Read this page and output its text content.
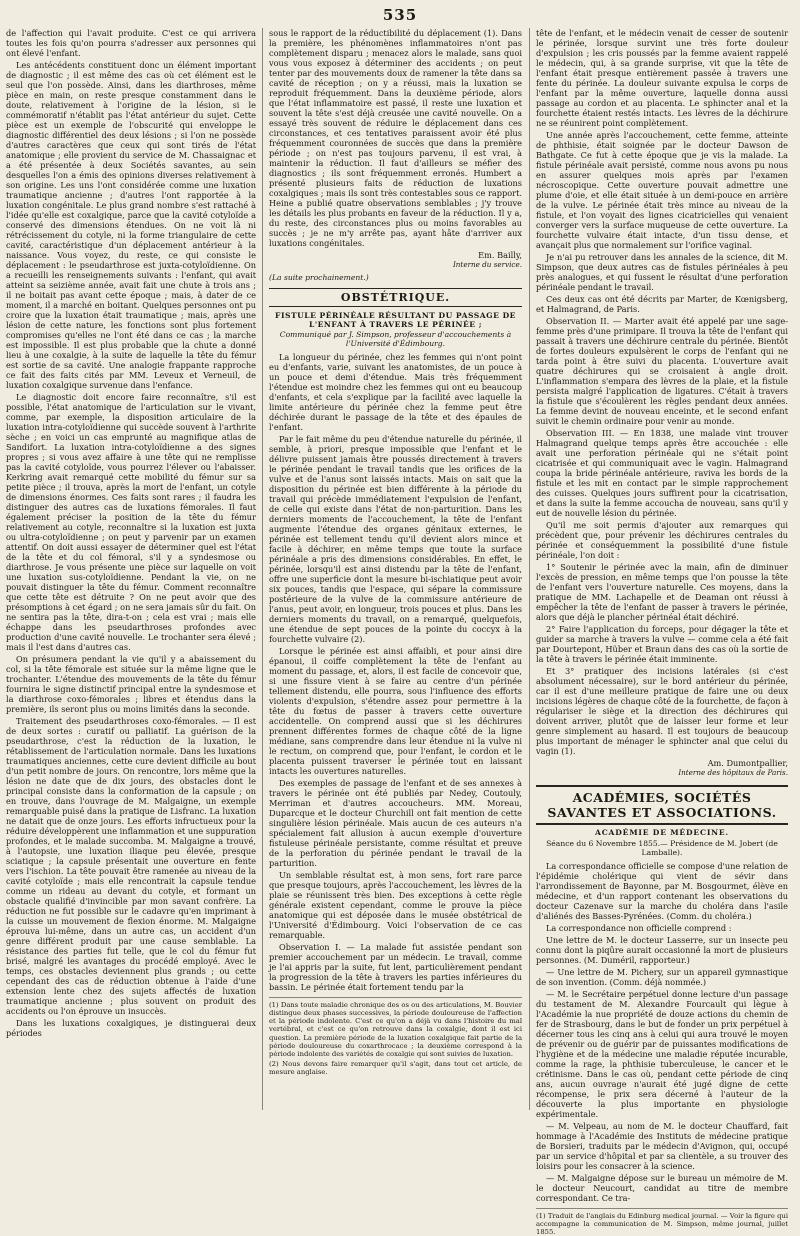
535

de l'affection qui l'avait produite. C'est ce qui arrivera toutes les fois qu'on pourra s'adresser aux personnes qui ont élevé l'enfant.

Les antécédents constituent donc un élément important de diagnostic ; il est même des cas où cet élément est le seul que l'on possède. Ainsi, dans les diarthroses, même pièce en main, on reste presque constamment dans le doute, relativement à l'origine de la lésion, si le commémoratif n'établit pas l'état antérieur du sujet. Cette pièce est un exemple de l'obscurité qui enveloppe le diagnostic différentiel des deux lésions ; si l'on ne possède d'autres caractères que ceux qui sont tirés de l'état anatomique ; elle provient du service de M. Chassaignac et a été présentée à deux Sociétés savantes, au sein desquelles l'on a émis des opinions diverses relativement à son origine. Les uns l'ont considérée comme une luxation traumatique ancienne ; d'autres l'ont rapportée à la luxation congénitale. Le plus grand nombre s'est rattaché à l'idée qu'elle est coxalgique, parce que la cavité cotyloïde a conservé des dimensions étendues. On ne voit là ni rétrécissement du cotyle, ni la forme triangulaire de cette cavité, caractéristique d'un déplacement antérieur à la naissance. Vous voyez, du reste, ce qui consiste le déplacement : le pseudarthrose est juxta-cotyloïdienne. On a recueilli les renseignements suivants : l'enfant, qui avait atteint sa seizième année, avait fait une chute à trois ans ; il ne boitait pas avant cette époque ; mais, à dater de ce moment, il a marché en boitant. Quelques personnes ont pu croire que la luxation était traumatique ; mais, après une lésion de cette nature, les fonctions sont plus fortement compromises qu'elles ne l'ont été dans ce cas ; la marche est impossible. Il est plus probable que la chute a donné lieu à une coxalgie, à la suite de laquelle la tête du fémur est sortie de sa cavité. Une analogie frappante rapproche ce fait des faits cités par MM. Leveux et Verneuil, de luxation coxalgique survenue dans l'enfance.

Le diagnostic doit encore faire reconnaître, s'il est possible, l'état anatomique de l'articulation sur le vivant, comme, par exemple, la disposition articulaire de la luxation intra-cotyloïdienne qui succède souvent à l'arthrite sèche ; en voici un cas emprunté au magnifique atlas de Sandifort. La luxation intra-cotyloïdienne a des signes propres ; si vous avez affaire à une tête qui ne remplisse pas la cavité cotyloïde, vous pourrez l'élever ou l'abaisser. Kerkring avait remarqué cette mobilité du fémur sur sa petite pièce ; il trouva, après la mort de l'enfant, un cotyle de dimensions énormes. Ces faits sont rares ; il faudra les distinguer des autres cas de luxations fémorales. Il faut également préciser la position de la tête du fémur relativement au cotyle, reconnaître si la luxation est juxta ou ultra-cotyloïdienne ; on peut y parvenir par un examen attentif. On doit aussi essayer de déterminer quel est l'état de la tête et du col fémoral, s'il y a syndesmose ou diarthrose. Je vous présente une pièce sur laquelle on voit une luxation sus-cotyloïdienne. Pendant la vie, on ne pouvait distinguer la tête du fémur. Comment reconnaître que cette tête est détruite ? On ne peut avoir que des présomptions à cet égard ; on ne sera jamais sûr du fait. On ne sentira pas la tête, dira-t-on ; cela est vrai ; mais elle échappe dans les pseudarthroses profondes avec production d'une cavité nouvelle. Le trochanter sera élevé ; mais il l'est dans d'autres cas.

On présumera pendant la vie qu'il y a abaissement du col, si la tête fémorale est située sur la même ligne que le trochanter. L'étendue des mouvements de la tête du fémur fournira le signe distinctif principal entre la syndesmose et la diarthrose coxo-fémorales ; libres et étendus dans la première, ils seront plus ou moins limités dans la seconde.

Traitement des pseudarthroses coxo-fémorales. — Il est de deux sortes : curatif ou palliatif. La guérison de la pseudarthrose, c'est la réduction de la luxation, le rétablissement de l'articulation normale. Dans les luxations traumatiques anciennes, cette cure devient difficile au bout d'un petit nombre de jours. On rencontre, lors même que la lésion ne date que de dix jours, des obstacles dont le principal consiste dans la conformation de la capsule ; on en trouve, dans l'ouvrage de M. Malgaigne, un exemple remarquable puisé dans la pratique de Lisfranc. La luxation ne datait que de onze jours. Les efforts infructueux pour la réduire développèrent une inflammation et une suppuration profondes, et le malade succomba. M. Malgaigne a trouvé, à l'autopsie, une luxation iliaque peu élevée, presque sciatique ; la capsule présentait une ouverture en fente vers l'ischion. La tête pouvait être ramenée au niveau de la cavité cotyloïde ; mais elle rencontrait la capsule tendue comme un rideau au devant du cotyle, et formant un obstacle qualifié d'invincible par mon savant confrère. La réduction ne fut possible sur le cadavre qu'en imprimant à la cuisse un mouvement de flexion énorme. M. Malgaigne éprouva lui-même, dans un autre cas, un accident d'un genre différent produit par une cause semblable. La résistance des parties fut telle, que le col du fémur fut brisé, malgré les avantages du procédé employé. Avec le temps, ces obstacles deviennent plus grands ; ou cette cependant des cas de réduction obtenue à l'aide d'une extension lente chez des sujets affectés de luxation traumatique ancienne ; plus souvent on produit des accidents ou l'on éprouve un insuccès.

Dans les luxations coxalgiques, je distinguerai deux périodes

sous le rapport de la réductibilité du déplacement (1). Dans la première, les phénomènes inflammatoires n'ont pas complètement disparu ; menacez alors le malade, sans quoi vous vous exposez à déterminer des accidents ; on peut tenter par des mouvements doux de ramener la tête dans sa cavité de réception ; on y a réussi, mais la luxation se reproduit fréquemment. Dans la deuxième période, alors que l'état inflammatoire est passé, il reste une luxation et souvent la tête s'est déjà creusée une cavité nouvelle. On a essayé très souvent de réduire le déplacement dans ces circonstances, et ces tentatives paraissent avoir été plus fréquemment couronnées de succès que dans la première période ; on n'est pas toujours parvenu, il est vrai, à maintenir la réduction. Il faut d'ailleurs se méfier des diagnostics ; ils sont fréquemment erronés. Humbert a présenté plusieurs faits de réduction de luxations coxalgiques ; mais ils sont très contestables sous ce rapport. Heine a publié quatre observations semblables ; j'y trouve les détails les plus probants en faveur de la réduction. Il y a, du reste, des circonstances plus ou moins favorables au succès ; je ne m'y arrête pas, ayant hâte d'arriver aux luxations congénitales.

Em. Bailly,
Interne du service.
(La suite prochainement.)
OBSTÉTRIQUE.
FISTULE PÉRINÉALE RÉSULTANT DU PASSAGE DE L'ENFANT À TRAVERS LE PÉRINÉE ;
Communiqué par J. Simpson, professeur d'accouchements à l'Université d'Édimbourg.

La longueur du périnée, chez les femmes qui n'ont point eu d'enfants, varie, suivant les anatomistes, de un pouce à un pouce et demi d'étendue. Mais très fréquemment l'étendue est moindre chez les femmes qui ont eu beaucoup d'enfants, et cela s'explique par la facilité avec laquelle la limite antérieure du périnée chez la femme peut être déchirée durant le passage de la tête et des épaules de l'enfant.

Par le fait même du peu d'étendue naturelle du périnée, il semble, à priori, presque impossible que l'enfant et le délivre puissent jamais être poussés directement à travers le périnée pendant le travail tandis que les orifices de la vulve et de l'anus sont laissés intacts. Mais on sait que la disposition du périnée est bien différente à la période du travail qui précède immédiatement l'expulsion de l'enfant, de celle qui existe dans l'état de non-parturition. Dans les derniers moments de l'accouchement, la tête de l'enfant augmente l'étendue des organes génitaux externes, le périnée est tellement tendu qu'il devient alors mince et facile à déchirer, en même temps que toute la surface périnéale a pris des dimensions considérables. En effet, le périnée, lorsqu'il est ainsi distendu par la tête de l'enfant, offre une superficie dont la mesure bi-ischiatique peut avoir six pouces, tandis que l'espace, qui sépare la commissure postérieure de la vulve de la commissure antérieure de l'anus, peut avoir, en longueur, trois pouces et plus. Dans les derniers moments du travail, on a remarqué, quelquefois, une étendue de sept pouces de la pointe du coccyx à la fourchette vulvaire (2).

Lorsque le périnée est ainsi affaibli, et pour ainsi dire épanoui, il coiffe complètement la tête de l'enfant au moment du passage, et, alors, il est facile de concevoir que, si une fissure vient à se faire au centre d'un périnée tellement distendu, elle pourra, sous l'influence des efforts violents d'expulsion, s'étendre assez pour permettre à la tête du fœtus de passer à travers cette ouverture accidentelle. On comprend aussi que si les déchirures prennent différentes formes de chaque côté de la ligne médiane, sans comprendre dans leur étendue ni la vulve ni le rectum, on comprend que, pour l'enfant, le cordon et le placenta puissent traverser le périnée tout en laissant intacts les ouvertures naturelles.

Des exemples de passage de l'enfant et de ses annexes à travers le périnée ont été publiés par Nedey, Coutouly, Merriman et d'autres accoucheurs. MM. Moreau, Duparcque et le docteur Churchill ont fait mention de cette singulière lésion périnéale. Mais aucun de ces auteurs n'a spécialement fait allusion à aucun exemple d'ouverture fistuleuse périnéale persistante, comme résultat et preuve de la perforation du périnée pendant le travail de la parturition.

Un semblable résultat est, à mon sens, fort rare parce que presque toujours, après l'accouchement, les lèvres de la plaie se réunissent très bien. Des exceptions à cette règle générale existent cependant, comme le prouve la pièce anatomique qui est déposée dans le musée obstétrical de l'Université d'Édimbourg. Voici l'observation de ce cas remarquable.

Observation I. — La malade fut assistée pendant son premier accouchement par un médecin. Le travail, comme je l'ai appris par la suite, fut lent, particulièrement pendant la progression de la tête à travers les parties inférieures du bassin. Le périnée était fortement tendu par la

(1) Dans toute maladie chronique des os ou des articulations, M. Bouvier distingue deux phases successives, la période douloureuse de l'affection et la période indolente. C'est ce qu'on a déjà vu dans l'histoire du mal vertébral, et c'est ce qu'on retrouve dans la coxalgie, dont il est ici question. La première période de la luxation coxalgique fait partie de la période douloureuse du coxarthrocace ; la deuxième correspond à la période indolente des variétés de coxalgie qui sont suivies de luxation.

(2) Nous devons faire remarquer qu'il s'agit, dans tout cet article, de mesure anglaise.

tête de l'enfant, et le médecin venait de cesser de soutenir le périnée, lorsque survint une très forte douleur d'expulsion ; les cris poussés par la femme avaient rappelé le médecin, qui, à sa grande surprise, vit que la tête de l'enfant était presque entièrement passée à travers une fente du périnée. La douleur suivante expulsa le corps de l'enfant par la même ouverture, laquelle donna aussi passage au cordon et au placenta. Le sphincter anal et la fourchette étaient restés intacts. Les lèvres de la déchirure ne se réunirent point complètement.

Une année après l'accouchement, cette femme, atteinte de phthisie, était soignée par le docteur Dawson de Bathgate. Ce fut à cette époque que je vis la malade. La fistule périnéale avait persisté, comme nous avons pu nous en assurer quelques mois après par l'examen nécroscopique. Cette ouverture pouvait admettre une plume d'oie, et elle était située à un demi-pouce en arrière de la vulve. Le périnée était très mince au niveau de la fistule, et l'on voyait des lignes cicatricielles qui venaient converger vers la surface muqueuse de cette ouverture. La fourchette vulvaire était intacte, d'un tissu dense, et avançait plus que normalement sur l'orifice vaginal.

Je n'ai pu retrouver dans les annales de la science, dit M. Simpson, que deux autres cas de fistules périnéales à peu près analogues, et qui fussent le résultat d'une perforation périnéale pendant le travail.

Ces deux cas ont été décrits par Marter, de Kœnigsberg, et Halmagrand, de Paris.

Observation II. — Marter avait été appelé par une sage-femme près d'une primipare. Il trouva la tête de l'enfant qui passait à travers une déchirure centrale du périnée. Bientôt de fortes douleurs expulsèrent le corps de l'enfant qui ne tarda point à être suivi du placenta. L'ouverture avait quatre déchirures qui se croisaient à angle droit. L'inflammation s'empara des lèvres de la plaie, et la fistule persista malgré l'application de ligatures. C'était à travers la fistule que s'écoulèrent les règles pendant deux années. La femme devint de nouveau enceinte, et le second enfant suivit le chemin ordinaire pour venir au monde.

Observation III. — En 1838, une malade vint trouver Halmagrand quelque temps après être accouchée : elle avait une perforation périnéale qui ne s'était point cicatrisée et qui communiquait avec le vagin. Halmagrand coupa la bride périnéale antérieure, raviva les bords de la fistule et les mit en contact par le simple rapprochement des cuisses. Quelques jours suffirent pour la cicatrisation, et dans la suite la femme accoucha de nouveau, sans qu'il y eut de nouvelle lésion du périnée.

Qu'il me soit permis d'ajouter aux remarques qui précèdent que, pour prévenir les déchirures centrales du périnée et conséquemment la possibilité d'une fistule périnéale, l'on doit :

1° Soutenir le périnée avec la main, afin de diminuer l'excès de pression, en même temps que l'on pousse la tête de l'enfant vers l'ouverture naturelle. Ces moyens, dans la pratique de MM. Lachapelle et de Deaman ont réussi à empêcher la tête de l'enfant de passer à travers le périnée, alors que déjà le plancher périnéal était déchiré.

2° Faire l'application du forceps, pour dégager la tête et guider sa marche à travers la vulve — comme cela a été fait par Dourtepont, Hüber et Braun dans des cas où la sortie de la tête à travers le périnée était imminente.

Et 3° pratiquer des incisions latérales (si c'est absolument nécessaire), sur le bord antérieur du périnée, car il est d'une meilleure pratique de faire une ou deux incisions légères de chaque côté de la fourchette, de façon à régulariser le siège et la direction des déchirures qui doivent arriver, plutôt que de laisser leur forme et leur genre simplement au hasard. Il est toujours de beaucoup plus important de ménager le sphincter anal que celui du vagin (1).

Am. Dumontpallier,
Interne des hôpitaux de Paris.
ACADÉMIES, SOCIÉTÉS SAVANTES ET ASSOCIATIONS.
ACADÉMIE DE MÉDECINE.
Séance du 6 Novembre 1855.— Présidence de M. Jobert (de Lamballe).

La correspondance officielle se compose d'une relation de l'épidémie cholérique qui vient de sévir dans l'arrondissement de Bayonne, par M. Bosgourmet, élève en médecine, et d'un rapport contenant les observations du docteur Cazenave sur la marche du choléra dans l'asile d'aliénés des Basses-Pyrénées. (Comm. du choléra.)

La correspondance non officielle comprend :

Une lettre de M. le docteur Lasserre, sur un insecte peu connu dont la piqûre aurait occasionné la mort de plusieurs personnes. (M. Duméril, rapporteur.)

— Une lettre de M. Pichery, sur un appareil gymnastique de son invention. (Comm. déjà nommée.)

— M. le Secrétaire perpétuel donne lecture d'un passage du testament de M. Alexandre Fourcault qui lègue à l'Académie la nue propriété de douze actions du chemin de fer de Strasbourg, dans le but de fonder un prix perpétuel à décerner tous les cinq ans à celui qui aura trouvé le moyen de prévenir ou de guérir par de puissantes modifications de l'hygiène et de la médecine une maladie réputée incurable, comme la rage, la phthisie tuberculeuse, le cancer et le crétinisme. Dans le cas où, pendant cette période de cinq ans, aucun ouvrage n'aurait été jugé digne de cette récompense, le prix sera décerné à l'auteur de la découverte la plus importante en physiologie expérimentale.

— M. Velpeau, au nom de M. le docteur Chauffard, fait hommage à l'Académie des Instituts de médecine pratique de Borsieri, traduits par le médecin d'Avignon, qui, occupé par un service d'hôpital et par sa clientèle, a su trouver des loisirs pour les consacrer à la science.

— M. Malgaigne dépose sur le bureau un mémoire de M. le docteur Neucourt, candidat au titre de membre correspondant. Ce tra-

(1) Traduit de l'anglais du Edinburg medical journal. — Voir la figure qui accompagne la communication de M. Simpson, même journal, juillet 1855.
